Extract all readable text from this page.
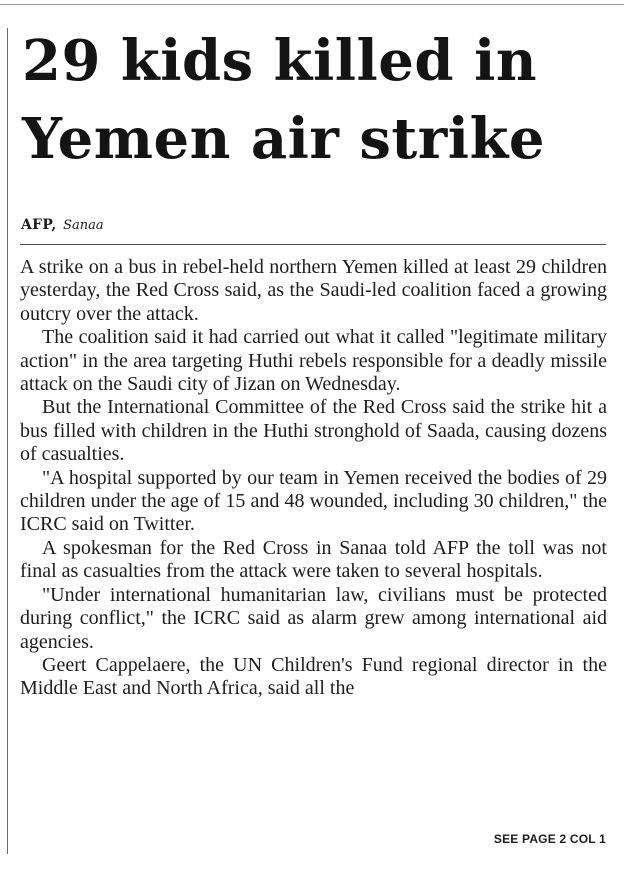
29 kids killed in
Yemen air strike
AFP, Sanaa

A strike on a bus in rebel-held northern Yemen killed at least 29 children yesterday, the Red Cross said, as the Saudi-led coalition faced a growing outcry over the attack.

The coalition said it had carried out what it called "legitimate military action" in the area targeting Huthi rebels responsible for a deadly missile attack on the Saudi city of Jizan on Wednesday.

But the International Committee of the Red Cross said the strike hit a bus filled with children in the Huthi stronghold of Saada, causing dozens of casualties.

"A hospital supported by our team in Yemen received the bodies of 29 children under the age of 15 and 48 wounded, including 30 children," the ICRC said on Twitter.

A spokesman for the Red Cross in Sanaa told AFP the toll was not final as casualties from the attack were taken to several hospitals.

"Under international humanitarian law, civilians must be protected during conflict," the ICRC said as alarm grew among international aid agencies.

Geert Cappelaere, the UN Children's Fund regional director in the Middle East and North Africa, said all the

SEE PAGE 2 COL 1
